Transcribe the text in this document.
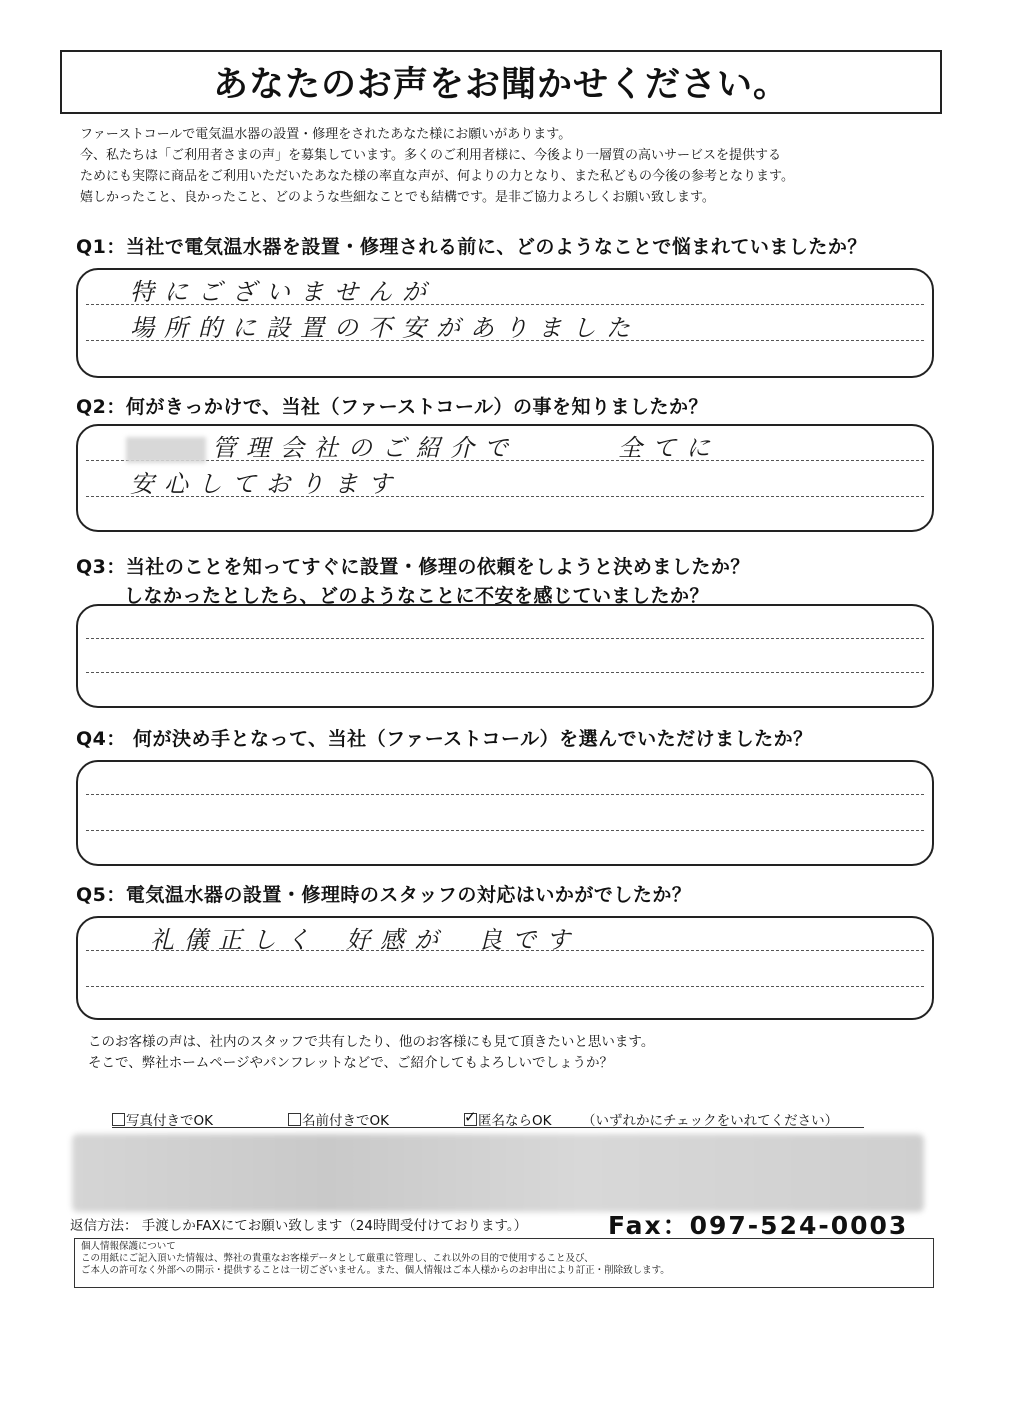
あなたのお声をお聞かせください。
ファーストコールで電気温水器の設置・修理をされたあなた様にお願いがあります。
今、私たちは「ご利用者さまの声」を募集しています。多くのご利用者様に、今後より一層質の高いサービスを提供する
ためにも実際に商品をご利用いただいたあなた様の率直な声が、何よりの力となり、また私どもの今後の参考となります。
嬉しかったこと、良かったこと、どのような些細なことでも結構です。是非ご協力よろしくお願い致します。
Q1：当社で電気温水器を設置・修理される前に、どのようなことで悩まれていましたか？
特にございませんが
場所的に設置の不安がありました
Q2：何がきっかけで、当社（ファーストコール）の事を知りましたか？
管理会社のご紹介で	全てに
安心しております
Q3：当社のことを知ってすぐに設置・修理の依頼をしようと決めましたか？
しなかったとしたら、どのようなことに不安を感じていましたか？
Q4： 何が決め手となって、当社（ファーストコール）を選んでいただけましたか？
Q5：電気温水器の設置・修理時のスタッフの対応はいかがでしたか？
礼儀正しく 好感が 良です
このお客様の声は、社内のスタッフで共有したり、他のお客様にも見て頂きたいと思います。
そこで、弊社ホームページやパンフレットなどで、ご紹介してもよろしいでしょうか？

写真付きでOK	名前付きでOK
✓	匿名ならOK （いずれかにチェックをいれてください）
返信方法： 手渡しかFAXにてお願い致します（24時間受付けております。）	Fax：097-524-0003
個人情報保護について
この用紙にご記入頂いた情報は、弊社の貴重なお客様データとして厳重に管理し、これ以外の目的で使用すること及び、
ご本人の許可なく外部への開示・提供することは一切ございません。また、個人情報はご本人様からのお申出により訂正・削除致します。
